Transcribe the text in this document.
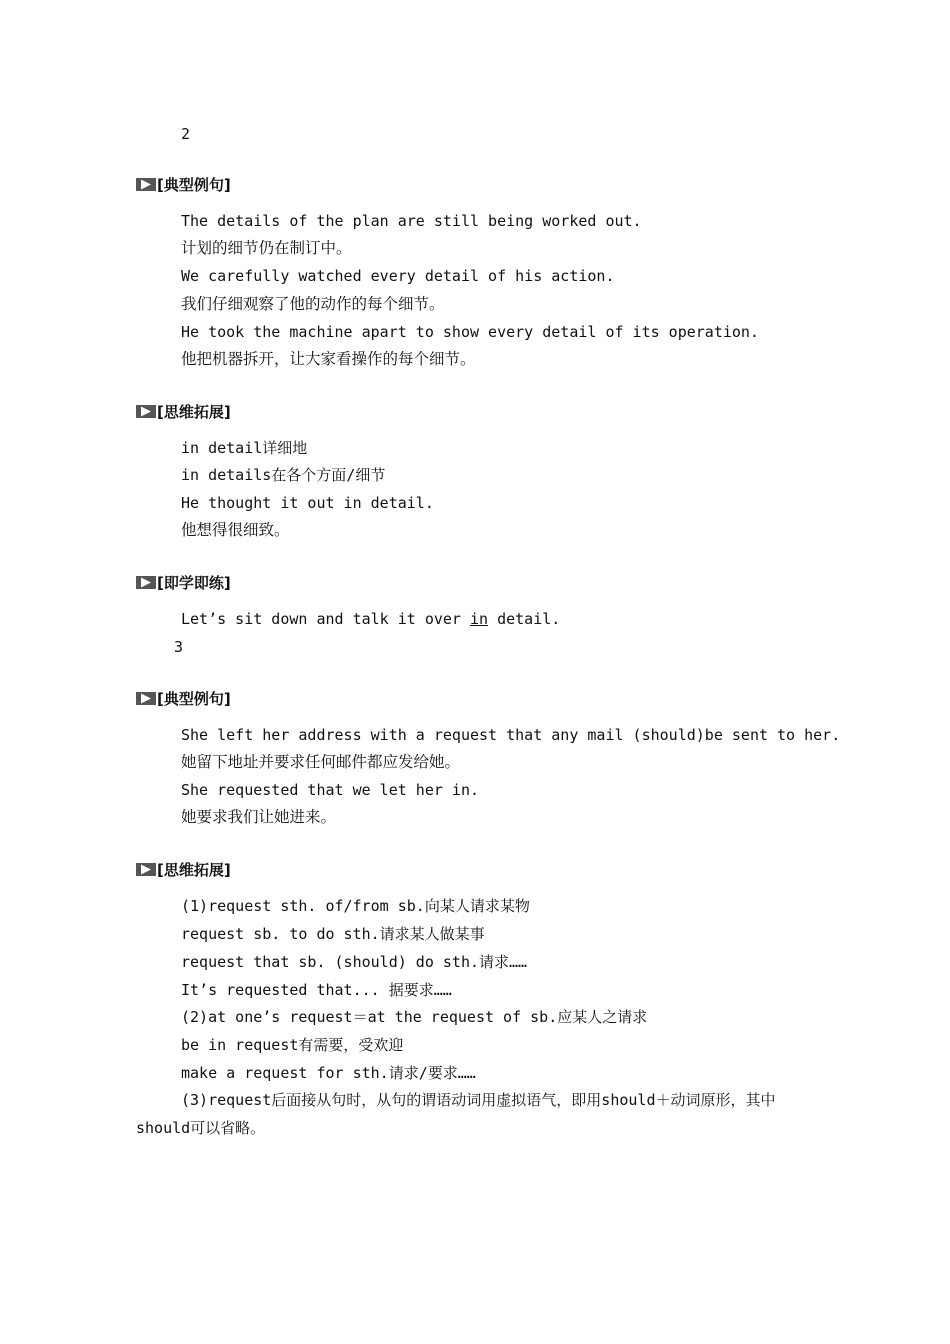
2
[典型例句]
The details of the plan are still being worked out.
计划的细节仍在制订中。
We carefully watched every detail of his action.
我们仔细观察了他的动作的每个细节。
He took the machine apart to show every detail of its operation.
他把机器拆开，让大家看操作的每个细节。
[思维拓展]
in detail详细地
in details在各个方面/细节
He thought it out in detail.
他想得很细致。
[即学即练]
Let’s sit down and talk it over in detail.
3
[典型例句]
She left her address with a request that any mail (should)be sent to her.
她留下地址并要求任何邮件都应发给她。
She requested that we let her in.
她要求我们让她进来。
[思维拓展]
(1)request sth. of/from sb.向某人请求某物
request sb. to do sth.请求某人做某事
request that sb. (should) do sth.请求……
It’s requested that... 据要求……
(2)at one’s request＝at the request of sb.应某人之请求
be in request有需要，受欢迎
make a request for sth.请求/要求……
(3)request后面接从句时，从句的谓语动词用虚拟语气，即用should＋动词原形，其中should可以省略。
